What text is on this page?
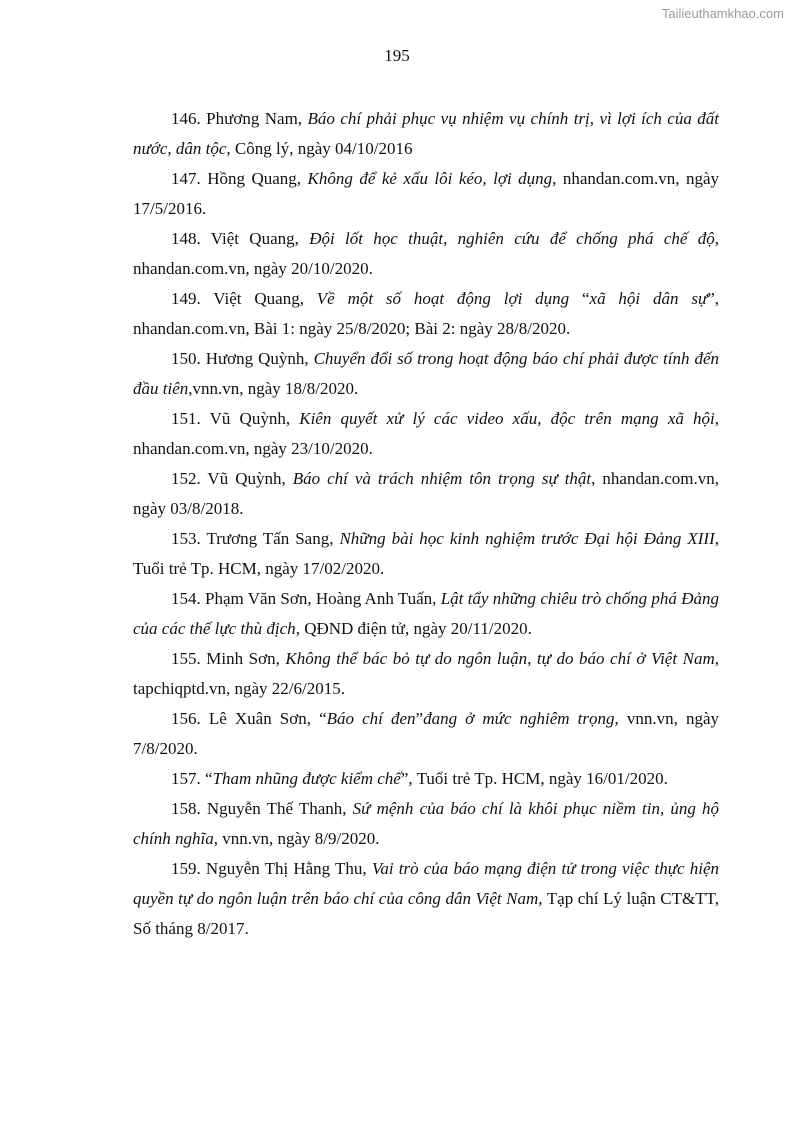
Tailieuthamkhao.com
195

146. Phương Nam, Báo chí phải phục vụ nhiệm vụ chính trị, vì lợi ích của đất nước, dân tộc, Công lý, ngày 04/10/2016

147. Hồng Quang, Không để kẻ xấu lôi kéo, lợi dụng, nhandan.com.vn, ngày 17/5/2016.

148. Việt Quang, Đội lốt học thuật, nghiên cứu để chống phá chế độ, nhandan.com.vn, ngày 20/10/2020.

149. Việt Quang, Về một số hoạt động lợi dụng “xã hội dân sự”, nhandan.com.vn, Bài 1: ngày 25/8/2020; Bài 2: ngày 28/8/2020.

150. Hương Quỳnh, Chuyển đổi số trong hoạt động báo chí phải được tính đến đầu tiên,vnn.vn, ngày 18/8/2020.

151. Vũ Quỳnh, Kiên quyết xử lý các video xấu, độc trên mạng xã hội, nhandan.com.vn, ngày 23/10/2020.

152. Vũ Quỳnh, Báo chí và trách nhiệm tôn trọng sự thật, nhandan.com.vn, ngày 03/8/2018.

153. Trương Tấn Sang, Những bài học kinh nghiệm trước Đại hội Đảng XIII, Tuổi trẻ Tp. HCM, ngày 17/02/2020.

154. Phạm Văn Sơn, Hoàng Anh Tuấn, Lật tẩy những chiêu trò chống phá Đảng của các thế lực thù địch, QĐND điện tử, ngày 20/11/2020.

155. Minh Sơn, Không thể bác bỏ tự do ngôn luận, tự do báo chí ở Việt Nam, tapchiqptd.vn, ngày 22/6/2015.

156. Lê Xuân Sơn, “Báo chí đen”đang ở mức nghiêm trọng, vnn.vn, ngày 7/8/2020.

157. “Tham nhũng được kiểm chế”, Tuổi trẻ Tp. HCM, ngày 16/01/2020.

158. Nguyễn Thế Thanh, Sứ mệnh của báo chí là khôi phục niềm tin, ủng hộ chính nghĩa, vnn.vn, ngày 8/9/2020.

159. Nguyễn Thị Hằng Thu, Vai trò của báo mạng điện tử trong việc thực hiện quyền tự do ngôn luận trên báo chí của công dân Việt Nam, Tạp chí Lý luận CT&TT, Số tháng 8/2017.
